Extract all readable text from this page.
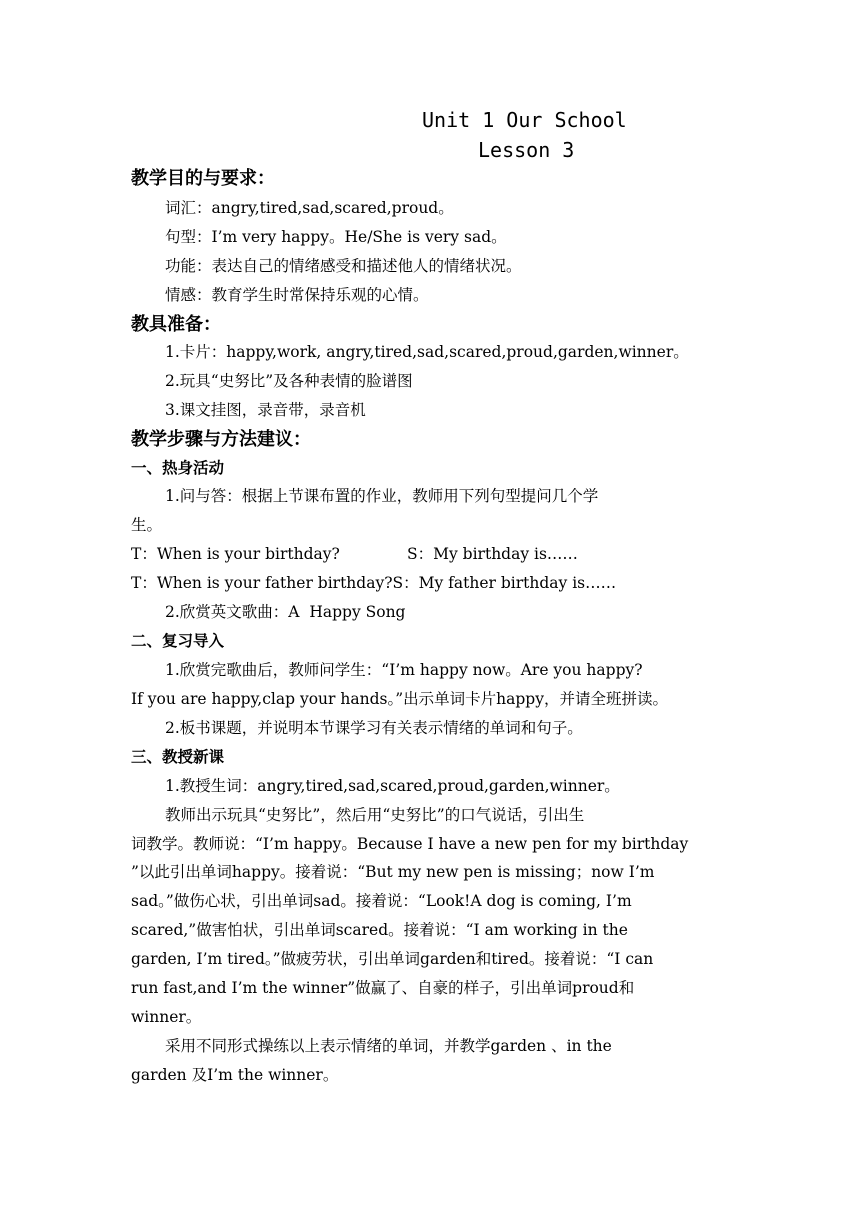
Unit 1 Our School
Lesson 3
教学目的与要求：
词汇：angry,tired,sad,scared,proud。
句型：I’m very happy。He/She is very sad。
功能：表达自己的情绪感受和描述他人的情绪状况。
情感：教育学生时常保持乐观的心情。
教具准备：
1.卡片：happy,work, angry,tired,sad,scared,proud,garden,winner。
2.玩具“史努比”及各种表情的脸谱图
3.课文挂图，录音带，录音机
教学步骤与方法建议：
一、热身活动
1.问与答：根据上节课布置的作业，教师用下列句型提问几个学
生。
T：When is your birthday?	S：My birthday is……
T：When is your father birthday?S：My father birthday is……
2.欣赏英文歌曲：A  Happy Song
二、复习导入
1.欣赏完歌曲后，教师问学生：“I’m happy now。Are you happy?
If you are happy,clap your hands。”出示单词卡片happy，并请全班拼读。
2.板书课题，并说明本节课学习有关表示情绪的单词和句子。
三、教授新课
1.教授生词：angry,tired,sad,scared,proud,garden,winner。
教师出示玩具“史努比”，然后用“史努比”的口气说话，引出生
词教学。教师说：“I’m happy。Because I have a new pen for my birthday
”以此引出单词happy。接着说：“But my new pen is missing；now I’m
sad。”做伤心状，引出单词sad。接着说：“Look!A dog is coming, I’m
scared,”做害怕状，引出单词scared。接着说：“I am working in the
garden, I’m tired。”做疲劳状，引出单词garden和tired。接着说：“I can
run fast,and I’m the winner”做赢了、自豪的样子，引出单词proud和
winner。
采用不同形式操练以上表示情绪的单词，并教学garden 、in the
garden 及I’m the winner。
